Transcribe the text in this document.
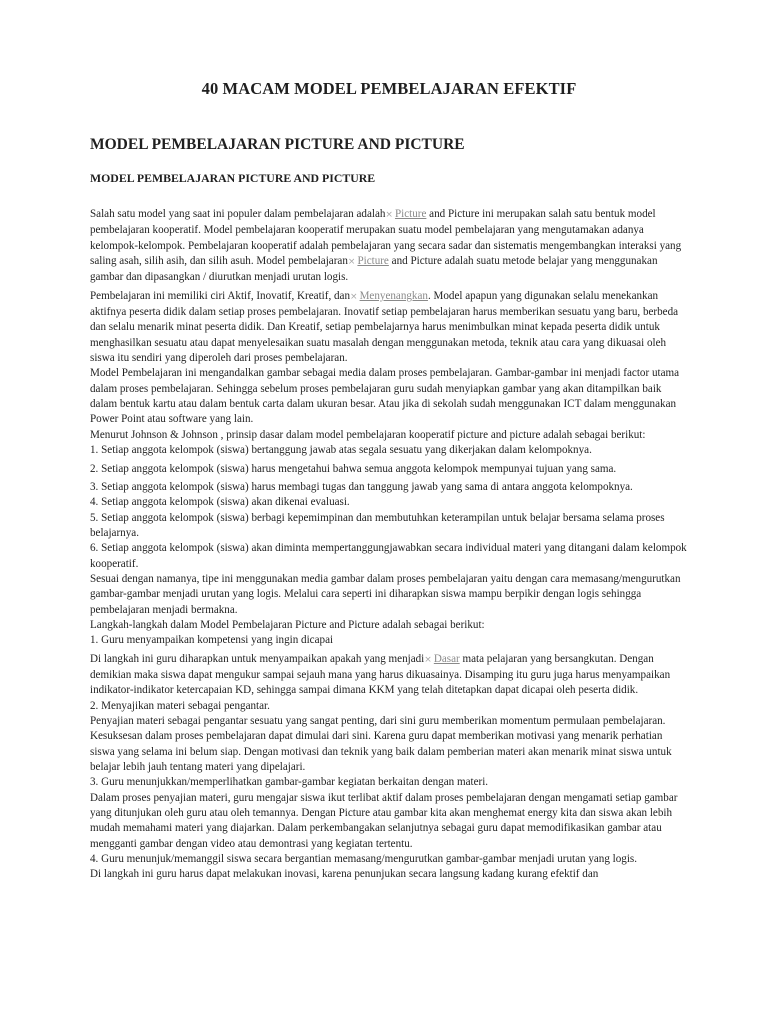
40 MACAM MODEL PEMBELAJARAN EFEKTIF
MODEL PEMBELAJARAN PICTURE AND PICTURE
MODEL PEMBELAJARAN PICTURE AND PICTURE

Salah satu model yang saat ini populer dalam pembelajaran adalah× Picture and Picture ini merupakan salah satu bentuk model pembelajaran kooperatif. Model pembelajaran kooperatif merupakan suatu model pembelajaran yang mengutamakan adanya kelompok-kelompok. Pembelajaran kooperatif adalah pembelajaran yang secara sadar dan sistematis mengembangkan interaksi yang saling asah, silih asih, dan silih asuh. Model pembelajaran× Picture and Picture adalah suatu metode belajar yang menggunakan gambar dan dipasangkan / diurutkan menjadi urutan logis.

Pembelajaran ini memiliki ciri Aktif, Inovatif, Kreatif, dan× Menyenangkan. Model apapun yang digunakan selalu menekankan aktifnya peserta didik dalam setiap proses pembelajaran. Inovatif setiap pembelajaran harus memberikan sesuatu yang baru, berbeda dan selalu menarik minat peserta didik. Dan Kreatif, setiap pembelajarnya harus menimbulkan minat kepada peserta didik untuk menghasilkan sesuatu atau dapat menyelesaikan suatu masalah dengan menggunakan metoda, teknik atau cara yang dikuasai oleh siswa itu sendiri yang diperoleh dari proses pembelajaran.

Model Pembelajaran ini mengandalkan gambar sebagai media dalam proses pembelajaran. Gambar-gambar ini menjadi factor utama dalam proses pembelajaran. Sehingga sebelum proses pembelajaran guru sudah menyiapkan gambar yang akan ditampilkan baik dalam bentuk kartu atau dalam bentuk carta dalam ukuran besar. Atau jika di sekolah sudah menggunakan ICT dalam menggunakan Power Point atau software yang lain.

Menurut Johnson & Johnson , prinsip dasar dalam model pembelajaran kooperatif picture and picture adalah sebagai berikut:

1. Setiap anggota kelompok (siswa) bertanggung jawab atas segala sesuatu yang dikerjakan dalam kelompoknya.

2. Setiap anggota kelompok (siswa) harus mengetahui bahwa semua anggota kelompok mempunyai tujuan yang sama.

3. Setiap anggota kelompok (siswa) harus membagi tugas dan tanggung jawab yang sama di antara anggota kelompoknya.

4. Setiap anggota kelompok (siswa) akan dikenai evaluasi.

5. Setiap anggota kelompok (siswa) berbagi kepemimpinan dan membutuhkan keterampilan untuk belajar bersama selama proses belajarnya.

6. Setiap anggota kelompok (siswa) akan diminta mempertanggungjawabkan secara individual materi yang ditangani dalam kelompok kooperatif.

Sesuai dengan namanya, tipe ini menggunakan media gambar dalam proses pembelajaran yaitu dengan cara memasang/mengurutkan gambar-gambar menjadi urutan yang logis. Melalui cara seperti ini diharapkan siswa mampu berpikir dengan logis sehingga pembelajaran menjadi bermakna.

Langkah-langkah dalam Model Pembelajaran Picture and Picture adalah sebagai berikut:

1. Guru menyampaikan kompetensi yang ingin dicapai

Di langkah ini guru diharapkan untuk menyampaikan apakah yang menjadi× Dasar mata pelajaran yang bersangkutan. Dengan demikian maka siswa dapat mengukur sampai sejauh mana yang harus dikuasainya. Disamping itu guru juga harus menyampaikan indikator-indikator ketercapaian KD, sehingga sampai dimana KKM yang telah ditetapkan dapat dicapai oleh peserta didik.

2. Menyajikan materi sebagai pengantar.

Penyajian materi sebagai pengantar sesuatu yang sangat penting, dari sini guru memberikan momentum permulaan pembelajaran. Kesuksesan dalam proses pembelajaran dapat dimulai dari sini. Karena guru dapat memberikan motivasi yang menarik perhatian siswa yang selama ini belum siap. Dengan motivasi dan teknik yang baik dalam pemberian materi akan menarik minat siswa untuk belajar lebih jauh tentang materi yang dipelajari.

3. Guru menunjukkan/memperlihatkan gambar-gambar kegiatan berkaitan dengan materi.

Dalam proses penyajian materi, guru mengajar siswa ikut terlibat aktif dalam proses pembelajaran dengan mengamati setiap gambar yang ditunjukan oleh guru atau oleh temannya. Dengan Picture atau gambar kita akan menghemat energy kita dan siswa akan lebih mudah memahami materi yang diajarkan. Dalam perkembangakan selanjutnya sebagai guru dapat memodifikasikan gambar atau mengganti gambar dengan video atau demontrasi yang kegiatan tertentu.

4. Guru menunjuk/memanggil siswa secara bergantian memasang/mengurutkan gambar-gambar menjadi urutan yang logis.

Di langkah ini guru harus dapat melakukan inovasi, karena penunjukan secara langsung kadang kurang efektif dan
